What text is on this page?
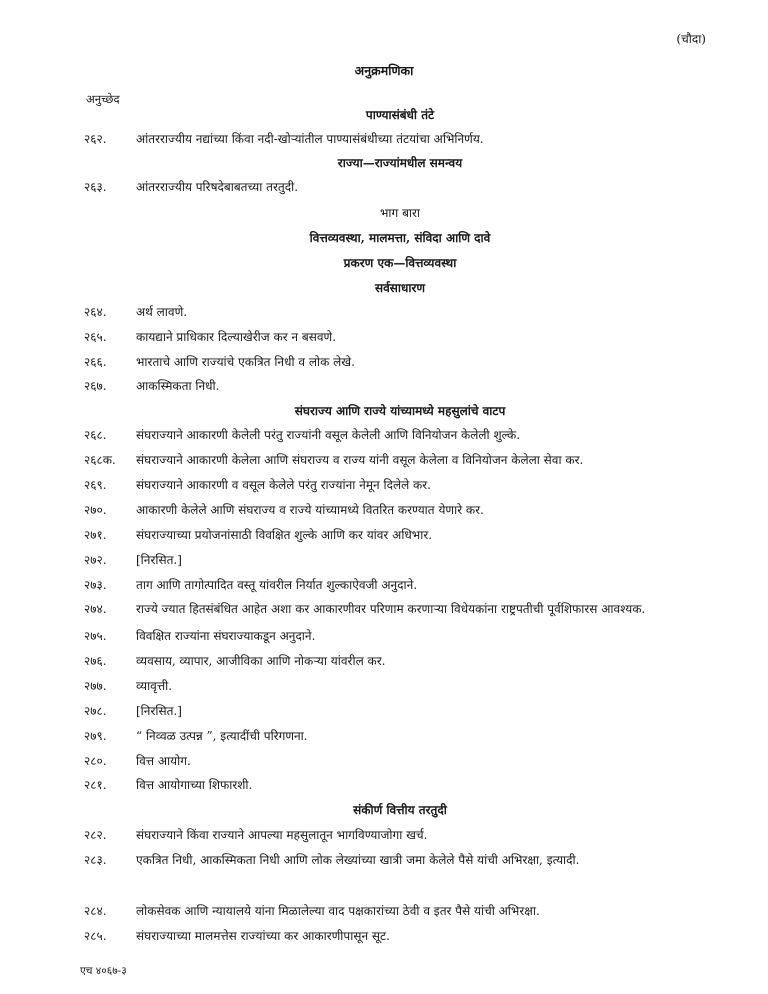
(चौदा)
अनुक्रमणिका
अनुच्छेद
पाण्यासंबंधी तंटे
२६२. आंतरराज्यीय नद्यांच्या किंवा नदी-खोऱ्यांतील पाण्यासंबंधीच्या तंटयांचा अभिनिर्णय.
राज्या—राज्यांमधील समन्वय
२६३. आंतरराज्यीय परिषदेबाबतच्या तरतुदी.
भाग बारा
वित्तव्यवस्था, मालमत्ता, संविदा आणि दावे
प्रकरण एक—वित्तव्यवस्था
सर्वसाधारण
२६४. अर्थ लावणे.
२६५. कायद्याने प्राधिकार दिल्याखेरीज कर न बसवणे.
२६६. भारताचे आणि राज्यांचे एकत्रित निधी व लोक लेखे.
२६७. आकस्मिकता निधी.
संघराज्य आणि राज्ये यांच्यामध्ये महसुलांचे वाटप
२६८. संघराज्याने आकारणी केलेली परंतु राज्यांनी वसूल केलेली आणि विनियोजन केलेली शुल्के.
२६८क. संघराज्याने आकारणी केलेला आणि संघराज्य व राज्य यांनी वसूल केलेला व विनियोजन केलेला सेवा कर.
२६९. संघराज्याने आकारणी व वसूल केलेले परंतु राज्यांना नेमून दिलेले कर.
२७०. आकारणी केलेले आणि संघराज्य व राज्ये यांच्यामध्ये वितरित करण्यात येणारे कर.
२७१. संघराज्याच्या प्रयोजनांसाठी विवक्षित शुल्के आणि कर यांवर अधिभार.
२७२. [निरसित.]
२७३. ताग आणि तागोत्पादित वस्तू यांवरील निर्यात शुल्काऐवजी अनुदाने.
२७४. राज्ये ज्यात हितसंबंधित आहेत अशा कर आकारणीवर परिणाम करणाऱ्या विधेयकांना राष्ट्रपतीची पूर्वशिफारस आवश्यक.
२७५. विवक्षित राज्यांना संघराज्याकडून अनुदाने.
२७६. व्यवसाय, व्यापार, आजीविका आणि नोकऱ्या यांवरील कर.
२७७. व्यावृत्ती.
२७८. [निरसित.]
२७९. “ निव्वळ उत्पन्न ”, इत्यादींची परिगणना.
२८०. वित्त आयोग.
२८१. वित्त आयोगाच्या शिफारशी.
संकीर्ण वित्तीय तरतुदी
२८२. संघराज्याने किंवा राज्याने आपल्या महसुलातून भागविण्याजोगा खर्च.
२८३. एकत्रित निधी, आकस्मिकता निधी आणि लोक लेख्यांच्या खात्री जमा केलेले पैसे यांची अभिरक्षा, इत्यादी.
२८४. लोकसेवक आणि न्यायालये यांना मिळालेल्या वाद पक्षकारांच्या ठेवी व इतर पैसे यांची अभिरक्षा.
२८५. संघराज्याच्या मालमत्तेस राज्यांच्या कर आकारणीपासून सूट.
एच ४०६७-३
